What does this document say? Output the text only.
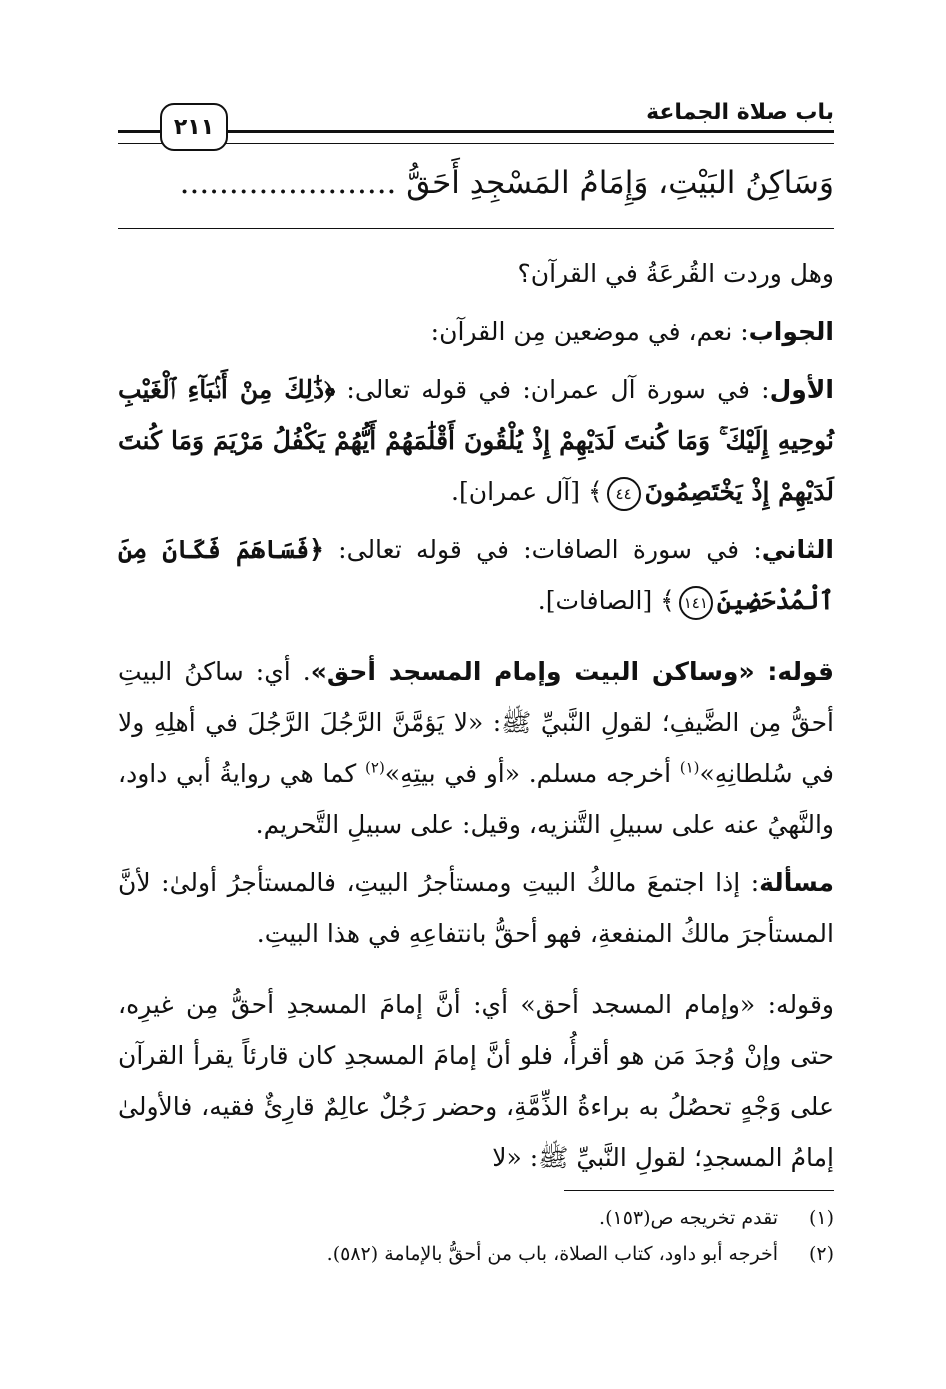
باب صلاة الجماعة
٢١١
وَسَاكِنُ البَيْتِ، وَإِمَامُ المَسْجِدِ أَحَقُّ ......................

وهل وردت القُرعَةُ في القرآن؟

الجواب: نعم، في موضعين مِن القرآن:

الأول: في سورة آل عمران: في قوله تعالى: ﴿ذَٰلِكَ مِنْ أَنۢبَآءِ ٱلْغَيْبِ نُوحِيهِ إِلَيْكَ ۚ وَمَا كُنتَ لَدَيْهِمْ إِذْ يُلْقُونَ أَقْلَٰمَهُمْ أَيُّهُمْ يَكْفُلُ مَرْيَمَ وَمَا كُنتَ لَدَيْهِمْ إِذْ يَخْتَصِمُونَ٤٤﴾ [آل عمران].

الثاني: في سورة الصافات: في قوله تعالى: ﴿فَسَاهَمَ فَكَانَ مِنَ ٱلْمُدْحَضِينَ١٤١﴾ [الصافات].

قوله: «وساكن البيت وإمام المسجد أحق». أي: ساكنُ البيتِ أحقُّ مِن الضَّيفِ؛ لقولِ النَّبيِّ ﷺ: «لا يَؤمَّنَّ الرَّجُلَ الرَّجُلَ في أهلِهِ ولا في سُلطانِهِ»$^{(١)}$ أخرجه مسلم. «أو في بيتِهِ»$^{(٢)}$ كما هي روايةُ أبي داود، والنَّهيُ عنه على سبيلِ التَّنزيه، وقيل: على سبيلِ التَّحريم.

مسألة: إذا اجتمعَ مالكُ البيتِ ومستأجرُ البيتِ، فالمستأجرُ أولىٰ: لأنَّ المستأجرَ مالكُ المنفعةِ، فهو أحقُّ بانتفاعِهِ في هذا البيتِ.

وقوله: «وإمام المسجد أحق» أي: أنَّ إمامَ المسجدِ أحقُّ مِن غيرِه، حتى وإنْ وُجدَ مَن هو أقرأُ، فلو أنَّ إمامَ المسجدِ كان قارئاً يقرأ القرآن على وَجْهٍ تحصُلُ به براءةُ الذِّمَّةِ، وحضر رَجُلٌ عالِمٌ قارِئٌ فقيه، فالأولىٰ إمامُ المسجدِ؛ لقولِ النَّبيِّ ﷺ: «لا

(١)
تقدم تخريجه ص(١٥٣).
(٢)
أخرجه أبو داود، كتاب الصلاة، باب من أحقُّ بالإمامة (٥٨٢).
